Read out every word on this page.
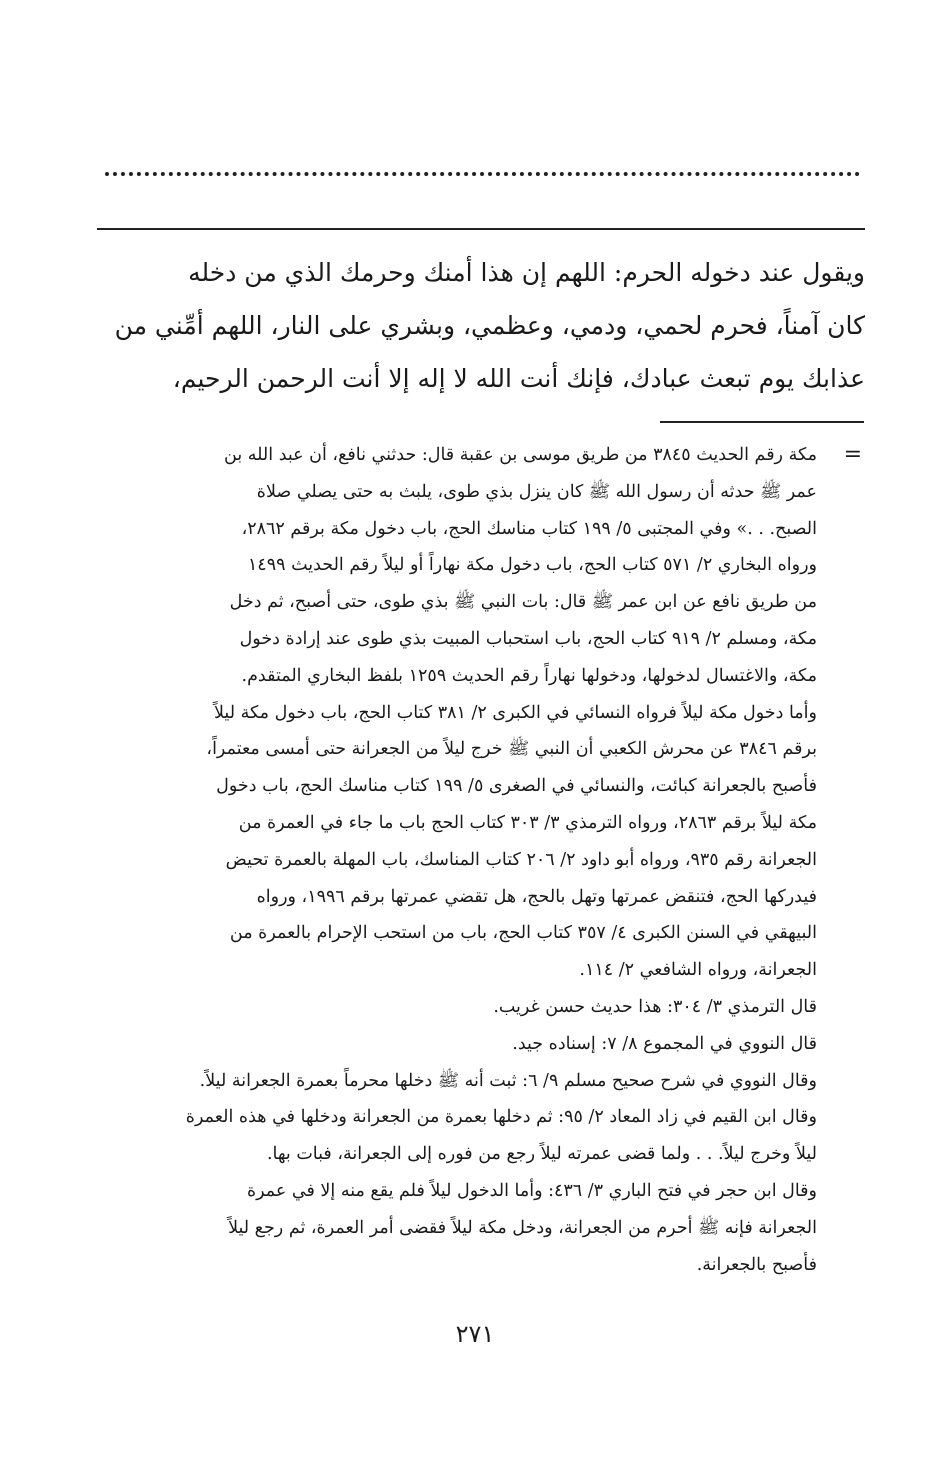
ويقول عند دخوله الحرم: اللهم إن هذا أمنك وحرمك الذي من دخله
كان آمناً، فحرم لحمي، ودمي، وعظمي، وبشري على النار، اللهم أمِّني من
عذابك يوم تبعث عبادك، فإنك أنت الله لا إله إلا أنت الرحمن الرحيم،
=
مكة رقم الحديث ٣٨٤٥ من طريق موسى بن عقبة قال: حدثني نافع، أن عبد الله بن
عمر ﷺ حدثه أن رسول الله ﷺ كان ينزل بذي طوى، يلبث به حتى يصلي صلاة
الصبح. . .» وفي المجتبى ٥/ ١٩٩ كتاب مناسك الحج، باب دخول مكة برقم ٢٨٦٢،
ورواه البخاري ٢/ ٥٧١ كتاب الحج، باب دخول مكة نهاراً أو ليلاً رقم الحديث ١٤٩٩
من طريق نافع عن ابن عمر ﷺ قال: بات النبي ﷺ بذي طوى، حتى أصبح، ثم دخل
مكة، ومسلم ٢/ ٩١٩ كتاب الحج، باب استحباب المبيت بذي طوى عند إرادة دخول
مكة، والاغتسال لدخولها، ودخولها نهاراً رقم الحديث ١٢٥٩ بلفظ البخاري المتقدم.
وأما دخول مكة ليلاً فرواه النسائي في الكبرى ٢/ ٣٨١ كتاب الحج، باب دخول مكة ليلاً
برقم ٣٨٤٦ عن محرش الكعبي أن النبي ﷺ خرج ليلاً من الجعرانة حتى أمسى معتمراً،
فأصبح بالجعرانة كبائت، والنسائي في الصغرى ٥/ ١٩٩ كتاب مناسك الحج، باب دخول
مكة ليلاً برقم ٢٨٦٣، ورواه الترمذي ٣/ ٣٠٣ كتاب الحج باب ما جاء في العمرة من
الجعرانة رقم ٩٣٥، ورواه أبو داود ٢/ ٢٠٦ كتاب المناسك، باب المهلة بالعمرة تحيض
فيدركها الحج، فتنقض عمرتها وتهل بالحج، هل تقضي عمرتها برقم ١٩٩٦، ورواه
البيهقي في السنن الكبرى ٤/ ٣٥٧ كتاب الحج، باب من استحب الإحرام بالعمرة من
الجعرانة، ورواه الشافعي ٢/ ١١٤.
قال الترمذي ٣/ ٣٠٤: هذا حديث حسن غريب.
قال النووي في المجموع ٨/ ٧: إسناده جيد.
وقال النووي في شرح صحيح مسلم ٩/ ٦: ثبت أنه ﷺ دخلها محرماً بعمرة الجعرانة ليلاً.
وقال ابن القيم في زاد المعاد ٢/ ٩٥: ثم دخلها بعمرة من الجعرانة ودخلها في هذه العمرة
ليلاً وخرج ليلاً. . . ولما قضى عمرته ليلاً رجع من فوره إلى الجعرانة، فبات بها.
وقال ابن حجر في فتح الباري ٣/ ٤٣٦: وأما الدخول ليلاً فلم يقع منه إلا في عمرة
الجعرانة فإنه ﷺ أحرم من الجعرانة، ودخل مكة ليلاً فقضى أمر العمرة، ثم رجع ليلاً
فأصبح بالجعرانة.
٢٧١
